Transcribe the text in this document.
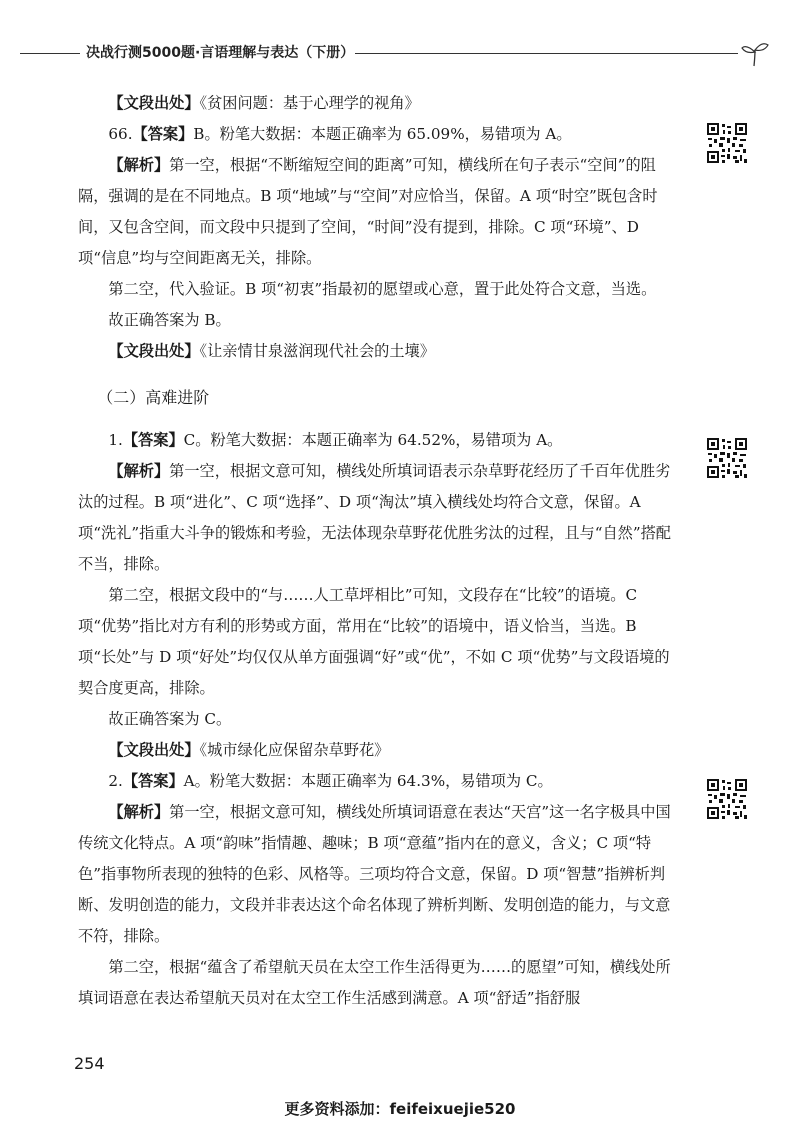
决战行测5000题·言语理解与表达（下册）

【文段出处】《贫困问题：基于心理学的视角》

66.【答案】B。粉笔大数据：本题正确率为 65.09%，易错项为 A。

【解析】第一空，根据“不断缩短空间的距离”可知，横线所在句子表示“空间”的阻隔，强调的是在不同地点。B 项“地域”与“空间”对应恰当，保留。A 项“时空”既包含时间，又包含空间，而文段中只提到了空间，“时间”没有提到，排除。C 项“环境”、D 项“信息”均与空间距离无关，排除。

第二空，代入验证。B 项“初衷”指最初的愿望或心意，置于此处符合文意，当选。

故正确答案为 B。

【文段出处】《让亲情甘泉滋润现代社会的土壤》

（二）高难进阶

1.【答案】C。粉笔大数据：本题正确率为 64.52%，易错项为 A。

【解析】第一空，根据文意可知，横线处所填词语表示杂草野花经历了千百年优胜劣汰的过程。B 项“进化”、C 项“选择”、D 项“淘汰”填入横线处均符合文意，保留。A 项“洗礼”指重大斗争的锻炼和考验，无法体现杂草野花优胜劣汰的过程，且与“自然”搭配不当，排除。

第二空，根据文段中的“与……人工草坪相比”可知，文段存在“比较”的语境。C 项“优势”指比对方有利的形势或方面，常用在“比较”的语境中，语义恰当，当选。B 项“长处”与 D 项“好处”均仅仅从单方面强调“好”或“优”，不如 C 项“优势”与文段语境的契合度更高，排除。

故正确答案为 C。

【文段出处】《城市绿化应保留杂草野花》

2.【答案】A。粉笔大数据：本题正确率为 64.3%，易错项为 C。

【解析】第一空，根据文意可知，横线处所填词语意在表达“天宫”这一名字极具中国传统文化特点。A 项“韵味”指情趣、趣味；B 项“意蕴”指内在的意义，含义；C 项“特色”指事物所表现的独特的色彩、风格等。三项均符合文意，保留。D 项“智慧”指辨析判断、发明创造的能力，文段并非表达这个命名体现了辨析判断、发明创造的能力，与文意不符，排除。

第二空，根据“蕴含了希望航天员在太空工作生活得更为……的愿望”可知，横线处所填词语意在表达希望航天员对在太空工作生活感到满意。A 项“舒适”指舒服

254
更多资料添加：feifeixuejie520
